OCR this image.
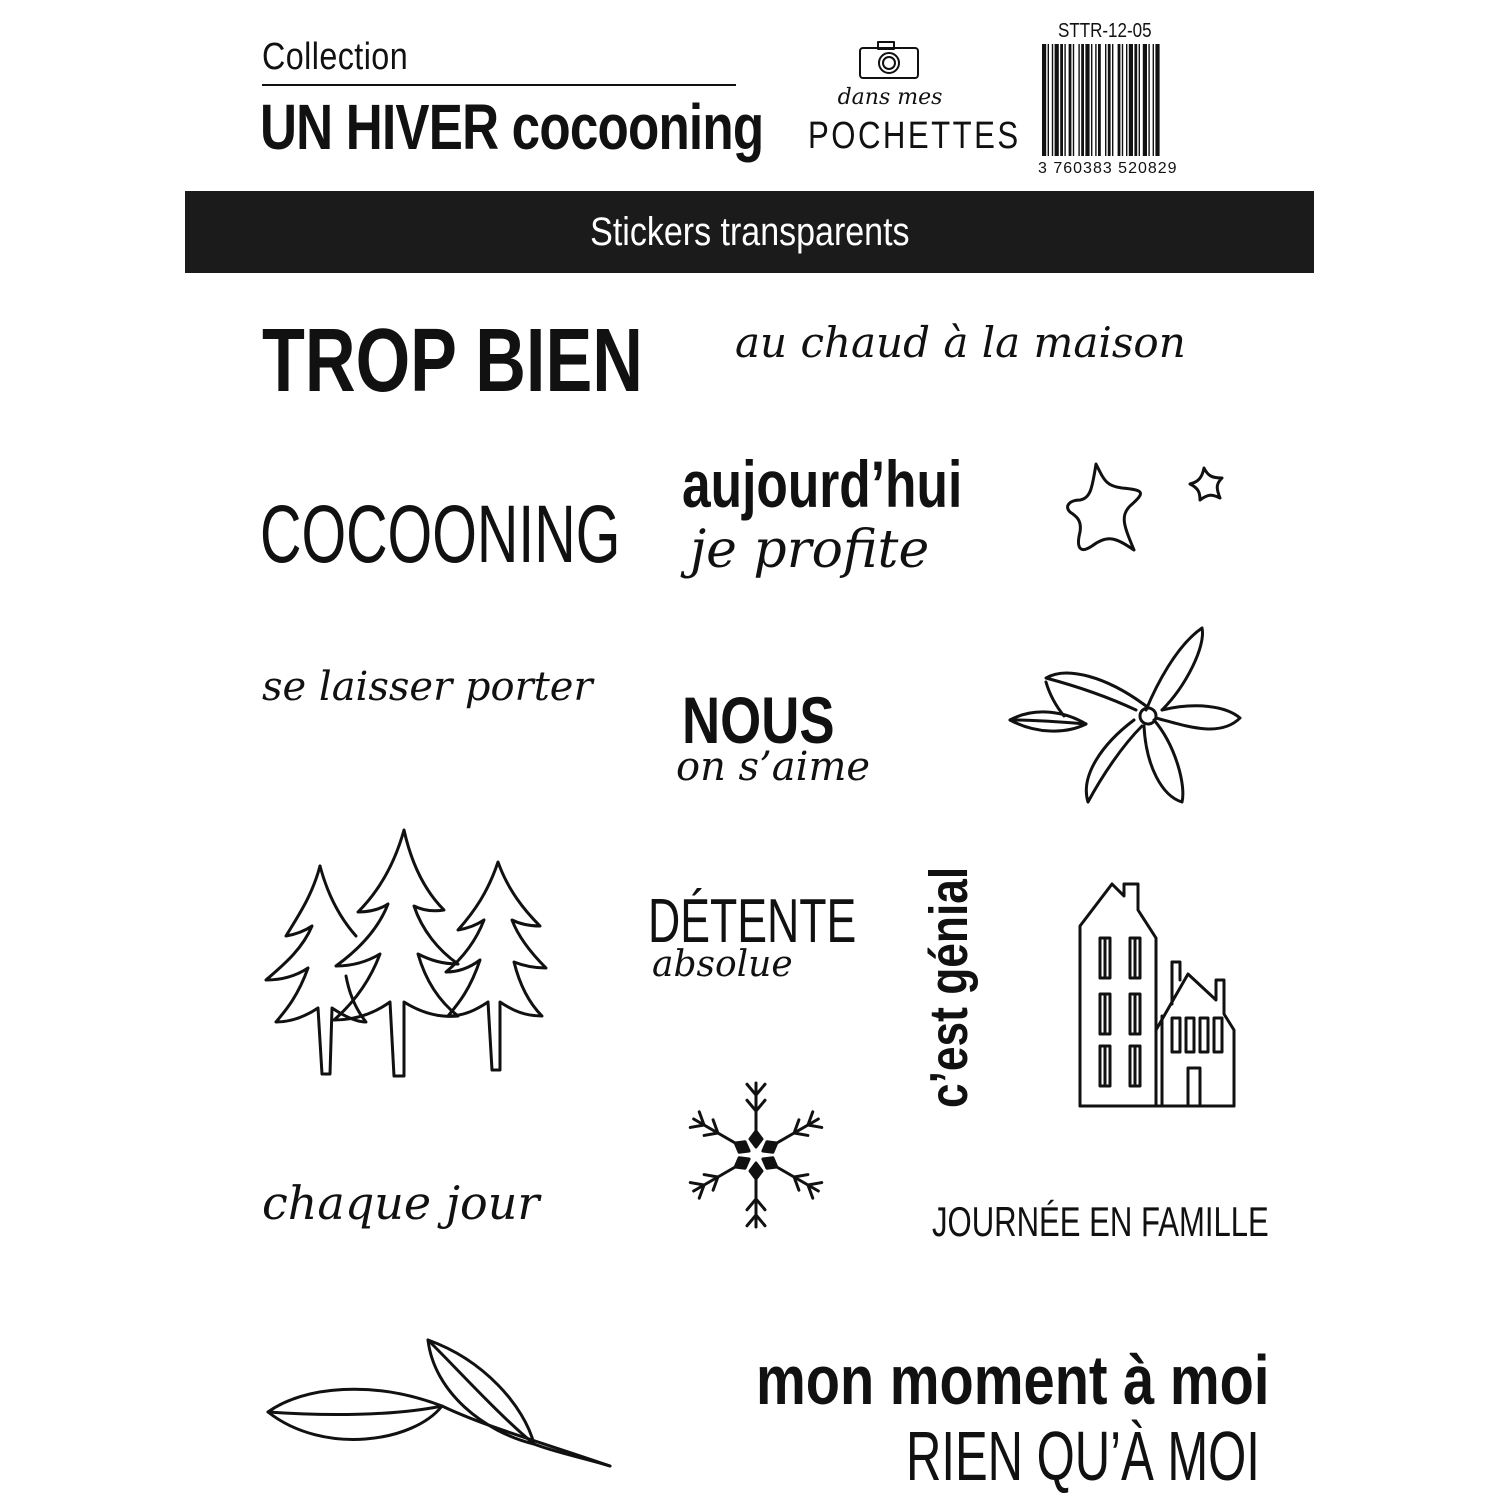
Collection
UN HIVER cocooning	dans mes
POCHETTES
STTR-12-05
3 760383 520829
Stickers transparents
TROP BIEN au chaud à la maison
COCOONING
aujourd’hui
je profite
se laisser porter NOUS
on s’aime
DÉTENTE
absolue c’est génial
chaque jour	JOURNÉE EN FAMILLE
mon moment à moi
RIEN QU’À MOI
